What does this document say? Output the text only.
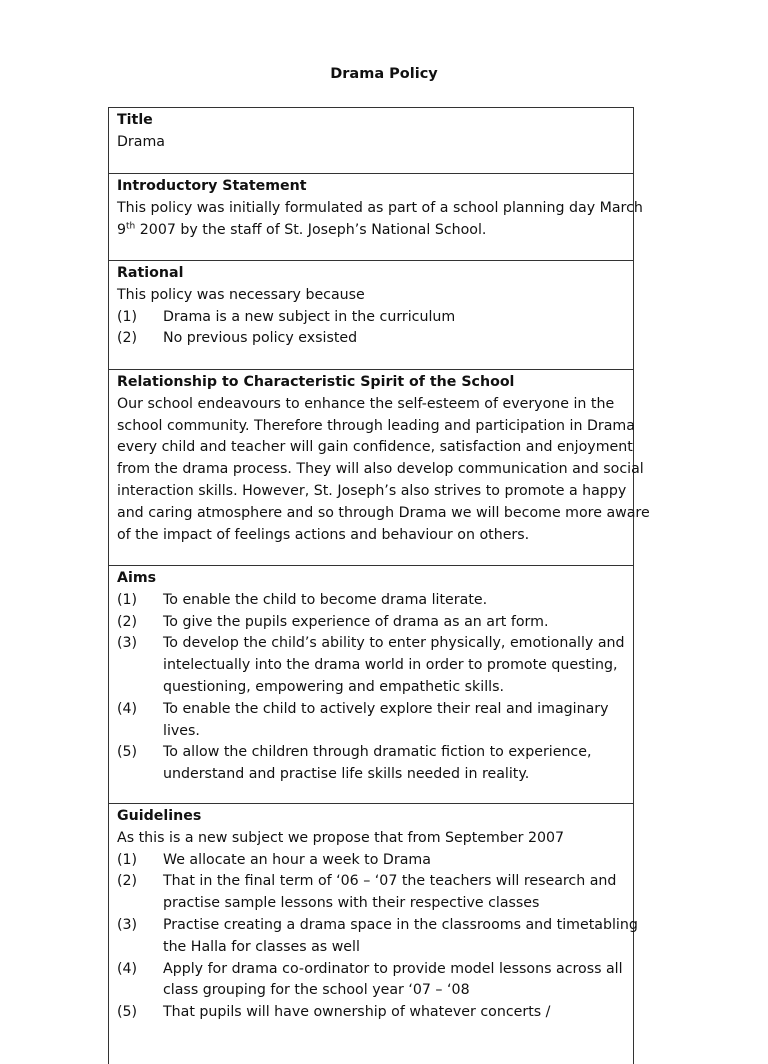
Drama Policy
Title
Drama
Introductory Statement
This policy was initially formulated as part of a school planning day March
9th 2007 by the staff of St. Joseph’s National School.
Rational
This policy was necessary because
(1)	Drama is a new subject in the curriculum
(2)	No previous policy exsisted
Relationship to Characteristic Spirit of the School
Our school endeavours to enhance the self-esteem of everyone in the
school community. Therefore through leading and participation in Drama
every child and teacher will gain confidence, satisfaction and enjoyment
from the drama process. They will also develop communication and social
interaction skills. However, St. Joseph’s also strives to promote a happy
and caring atmosphere and so through Drama we will become more aware
of the impact of feelings actions and behaviour on others.
Aims
(1)	To enable the child to become drama literate.
(2)	To give the pupils experience of drama as an art form.
(3)	To develop the child’s ability to enter physically, emotionally and
intelectually into the drama world in order to promote questing,
questioning, empowering and empathetic skills.
(4)	To enable the child to actively explore their real and imaginary
lives.
(5)	To allow the children through dramatic fiction to experience,
understand and practise life skills needed in reality.
Guidelines
As this is a new subject we propose that from September 2007
(1)	We allocate an hour a week to Drama
(2)	That in the final term of ‘06 – ‘07 the teachers will research and
practise sample lessons with their respective classes
(3)	Practise creating a drama space in the classrooms and timetabling
the Halla for classes as well
(4)	Apply for drama co-ordinator to provide model lessons across all
class grouping for the school year ‘07 – ‘08
(5)	That pupils will have ownership of whatever concerts /
